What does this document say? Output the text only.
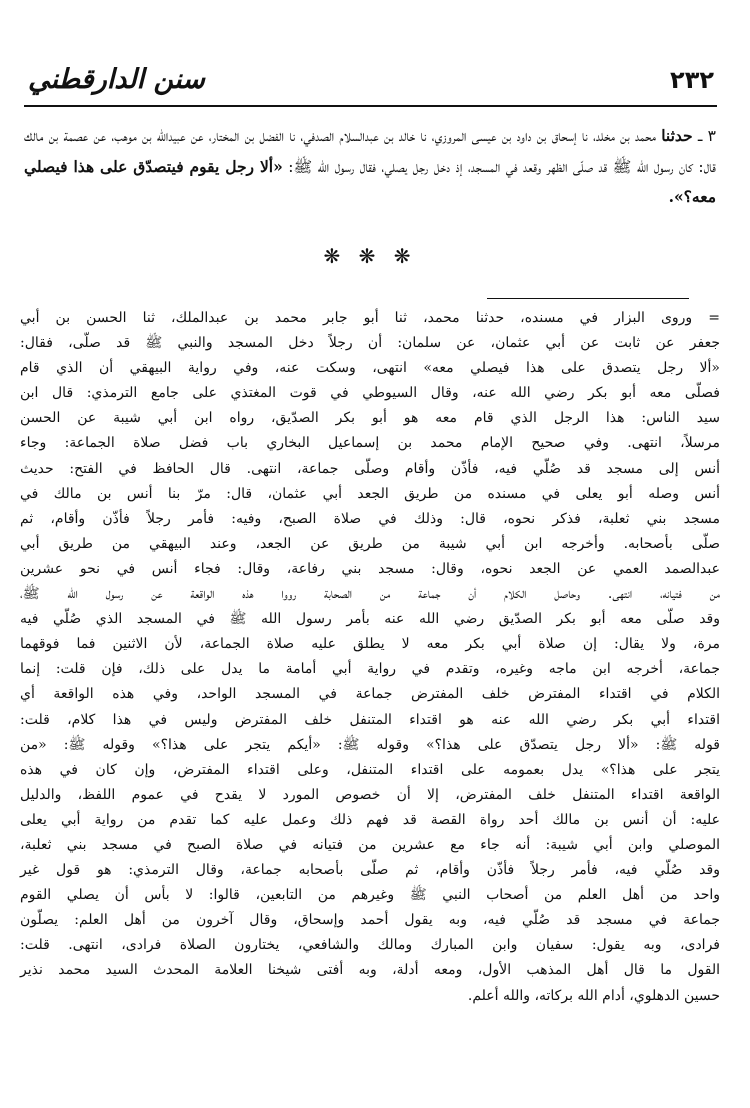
٢٣٢
سنن الدارقطني
٣ ـ حدثنا محمد بن مخلد، نا إسحاق بن داود بن عيسى المروزي، نا خالد بن عبدالسلام الصدفي، نا الفضل بن المختار، عن عبيدالله بن موهب، عن عصمة بن مالك قال: كان رسول الله ﷺ قد صلّى الظهر وقعد في المسجد، إذ دخل رجل يصلي، فقال رسول الله ﷺ: «ألا رجل يقوم فيتصدّق على هذا فيصلي معه؟».
❋ ❋ ❋
= وروى البزار في مسنده، حدثنا محمد، ثنا أبو جابر محمد بن عبدالملك، ثنا الحسن بن أبي
جعفر عن ثابت عن أبي عثمان، عن سلمان: أن رجلاً دخل المسجد والنبي ﷺ قد صلّى، فقال:
«ألا رجل يتصدق على هذا فيصلي معه» انتهى، وسكت عنه، وفي رواية البيهقي أن الذي قام
فصلّى معه أبو بكر رضي الله عنه، وقال السيوطي في قوت المغتذي على جامع الترمذي: قال ابن
سيد الناس: هذا الرجل الذي قام معه هو أبو بكر الصدّيق، رواه ابن أبي شيبة عن الحسن
مرسلاً، انتهى. وفي صحيح الإمام محمد بن إسماعيل البخاري باب فضل صلاة الجماعة: وجاء
أنس إلى مسجد قد صُلّي فيه، فأذّن وأقام وصلّى جماعة، انتهى. قال الحافظ في الفتح: حديث
أنس وصله أبو يعلى في مسنده من طريق الجعد أبي عثمان، قال: مرّ بنا أنس بن مالك في
مسجد بني ثعلبة، فذكر نحوه، قال: وذلك في صلاة الصبح، وفيه: فأمر رجلاً فأذّن وأقام، ثم
صلّى بأصحابه. وأخرجه ابن أبي شيبة من طريق عن الجعد، وعند البيهقي من طريق أبي
عبدالصمد العمي عن الجعد نحوه، وقال: مسجد بني رفاعة، وقال: فجاء أنس في نحو عشرين
من فتيانه، انتهى. وحاصل الكلام أن جماعة من الصحابة رووا هذه الواقعة عن رسول الله ﷺ،
وقد صلّى معه أبو بكر الصدّيق رضي الله عنه بأمر رسول الله ﷺ في المسجد الذي صُلّي فيه
مرة، ولا يقال: إن صلاة أبي بكر معه لا يطلق عليه صلاة الجماعة، لأن الاثنين فما فوقهما
جماعة، أخرجه ابن ماجه وغيره، وتقدم في رواية أبي أمامة ما يدل على ذلك، فإن قلت: إنما
الكلام في اقتداء المفترض خلف المفترض جماعة في المسجد الواحد، وفي هذه الواقعة أي
اقتداء أبي بكر رضي الله عنه هو اقتداء المتنفل خلف المفترض وليس في هذا كلام، قلت:
قوله ﷺ: «ألا رجل يتصدّق على هذا؟» وقوله ﷺ: «أيكم يتجر على هذا؟» وقوله ﷺ: «من
يتجر على هذا؟» يدل بعمومه على اقتداء المتنفل، وعلى اقتداء المفترض، وإن كان في هذه
الواقعة اقتداء المتنفل خلف المفترض، إلا أن خصوص المورد لا يقدح في عموم اللفظ، والدليل
عليه: أن أنس بن مالك أحد رواة القصة قد فهم ذلك وعمل عليه كما تقدم من رواية أبي يعلى
الموصلي وابن أبي شيبة: أنه جاء مع عشرين من فتيانه في صلاة الصبح في مسجد بني ثعلبة،
وقد صُلّي فيه، فأمر رجلاً فأذّن وأقام، ثم صلّى بأصحابه جماعة، وقال الترمذي: هو قول غير
واحد من أهل العلم من أصحاب النبي ﷺ وغيرهم من التابعين، قالوا: لا بأس أن يصلي القوم
جماعة في مسجد قد صُلّي فيه، وبه يقول أحمد وإسحاق، وقال آخرون من أهل العلم: يصلّون
فرادى، وبه يقول: سفيان وابن المبارك ومالك والشافعي، يختارون الصلاة فرادى، انتهى. قلت:
القول ما قال أهل المذهب الأول، ومعه أدلة، وبه أفتى شيخنا العلامة المحدث السيد محمد نذير
حسين الدهلوي، أدام الله بركاته، والله أعلم.
